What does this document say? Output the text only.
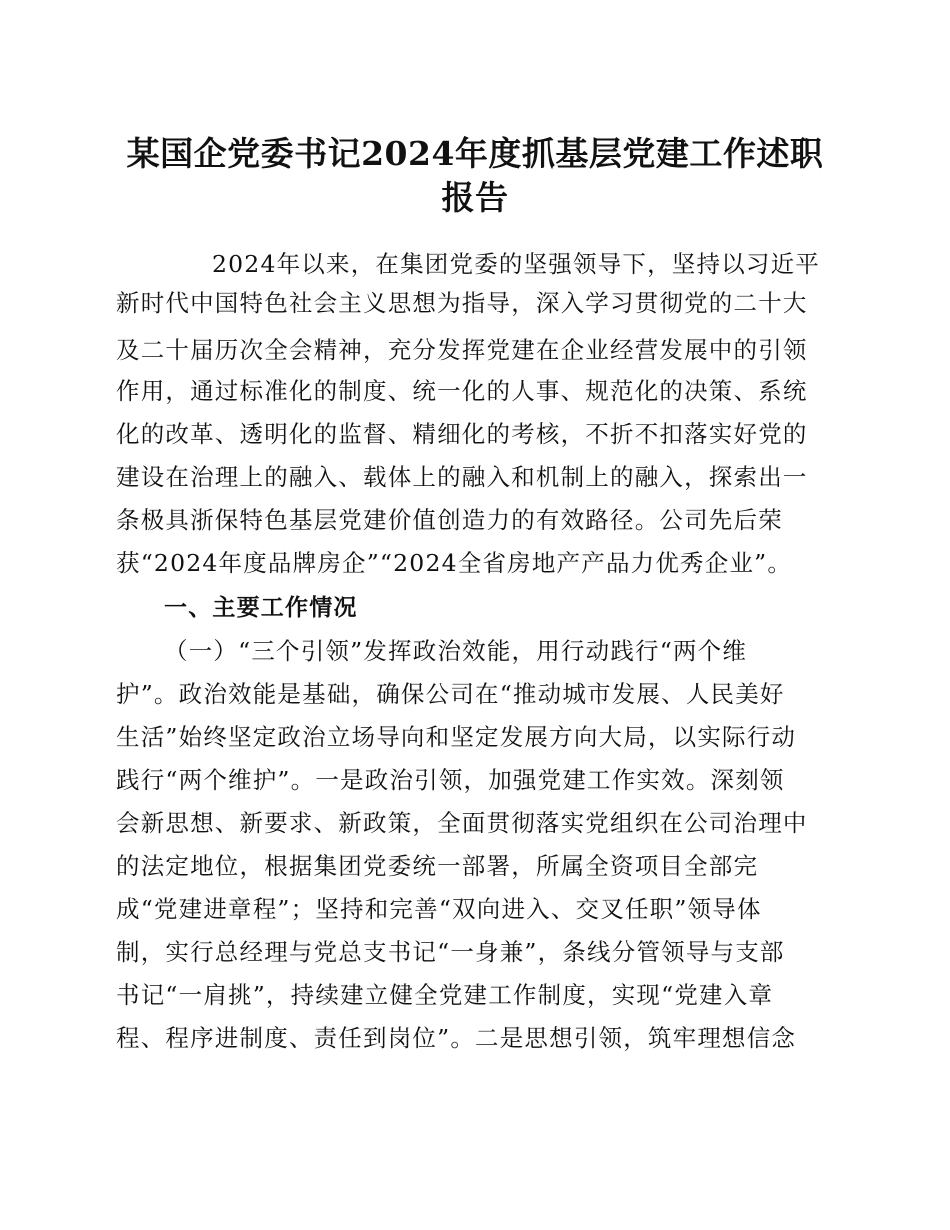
某国企党委书记2024年度抓基层党建工作述职
报告

2024年以来，在集团党委的坚强领导下，坚持以习近平

新时代中国特色社会主义思想为指导，深入学习贯彻党的二十大

及二十届历次全会精神，充分发挥党建在企业经营发展中的引领

作用，通过标准化的制度、统一化的人事、规范化的决策、系统

化的改革、透明化的监督、精细化的考核，不折不扣落实好党的

建设在治理上的融入、载体上的融入和机制上的融入，探索出一

条极具浙保特色基层党建价值创造力的有效路径。公司先后荣

获“2024年度品牌房企”“2024全省房地产产品力优秀企业”。

一、主要工作情况

（一）“三个引领”发挥政治效能，用行动践行“两个维

护”。政治效能是基础，确保公司在“推动城市发展、人民美好

生活”始终坚定政治立场导向和坚定发展方向大局，以实际行动

践行“两个维护”。一是政治引领，加强党建工作实效。深刻领

会新思想、新要求、新政策，全面贯彻落实党组织在公司治理中

的法定地位，根据集团党委统一部署，所属全资项目全部完

成“党建进章程”；坚持和完善“双向进入、交叉任职”领导体

制，实行总经理与党总支书记“一身兼”，条线分管领导与支部

书记“一肩挑”，持续建立健全党建工作制度，实现“党建入章

程、程序进制度、责任到岗位”。二是思想引领，筑牢理想信念
